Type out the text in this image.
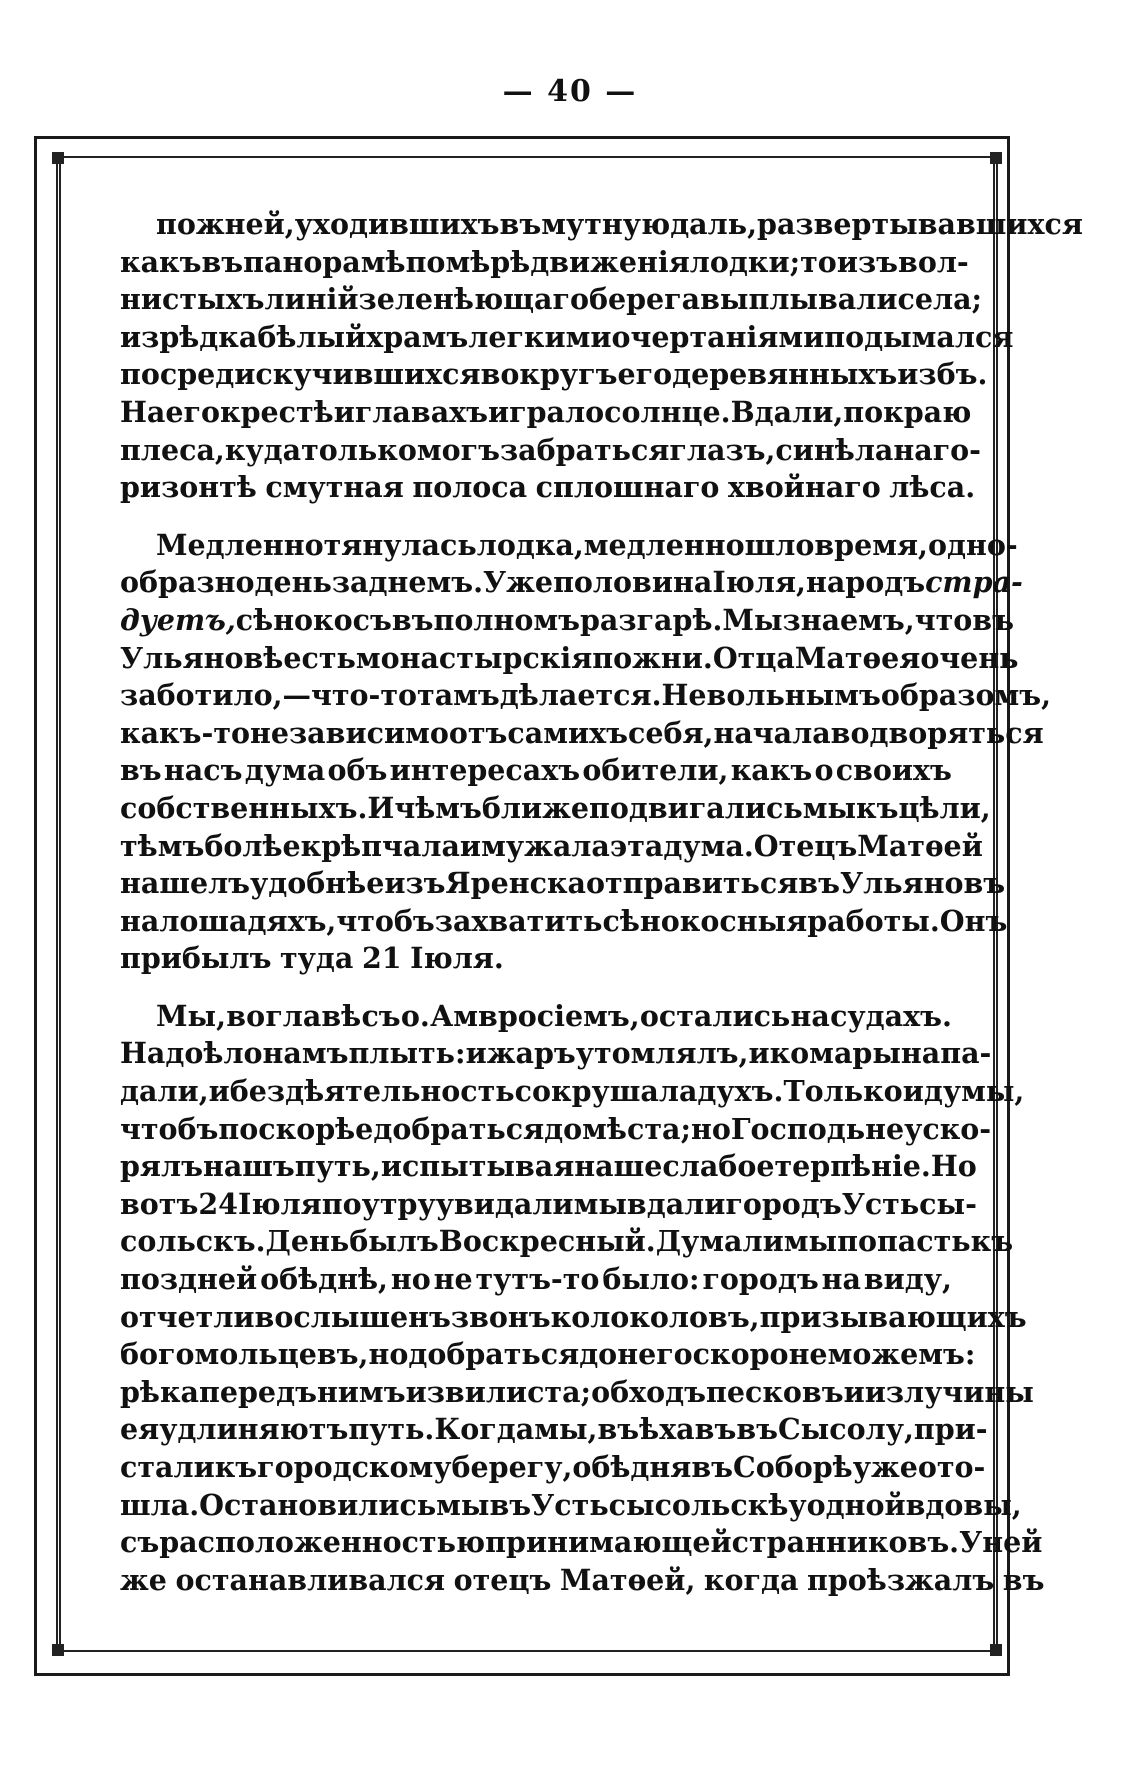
— 40 —
пожней, уходившихъ въ мутную даль, развертывавшихся
какъ въ панорамѣ по мѣрѣ движенія лодки; то изъ вол-
нистыхъ линій зеленѣющаго берега выплывали села;
изрѣдка бѣлый храмъ легкими очертаніями подымался
посреди скучившихся вокругъ его деревянныхъ избъ.
На его крестѣ и главахъ играло солнце. Вдали, по краю
плеса, куда только могъ забраться глазъ, синѣла на го-
ризонтѣ смутная полоса сплошнаго хвойнаго лѣса.
Медленно тянулась лодка, медленно шло время, одно-
образно день за днемъ. Уже половина Іюля, народъ стра-
дуетъ, сѣнокосъ въ полномъ разгарѣ. Мы знаемъ, что въ
Ульяновѣ есть монастырскія пожни. Отца Матѳея очень
заботило,—что-то тамъ дѣлается. Невольнымъ образомъ,
какъ-то независимо отъ самихъ себя, начала водворяться
въ насъ дума объ интересахъ обители, какъ о своихъ
собственныхъ. И чѣмъ ближе подвигались мы къ цѣли,
тѣмъ болѣе крѣпчала и мужала эта дума. Отецъ Матѳей
нашелъ удобнѣе изъ Яренска отправиться въ Ульяновъ
на лошадяхъ, чтобъ захватить сѣнокосныя работы. Онъ
прибылъ туда 21 Іюля.
Мы, во главѣ съ о. Амвросіемъ, остались на судахъ.
Надоѣло намъ плыть: и жаръ утомлялъ, и комары напа-
дали, и бездѣятельность сокрушала духъ. Только и думы,
чтобъ поскорѣе добраться до мѣста; но Господь не уско-
рялъ нашъ путь, испытывая наше слабое терпѣніе. Но
вотъ 24 Іюля по утру увидали мы вдали городъ Устьсы-
сольскъ. День былъ Воскресный. Думали мы попасть къ
поздней обѣднѣ, но не тутъ-то было: городъ на виду,
отчетливо слышенъ звонъ колоколовъ, призывающихъ
богомольцевъ, но добраться до него скоро не можемъ:
рѣка передъ нимъ извилиста; обходъ песковъ и излучины
ея удлиняютъ путь. Когда мы, въѣхавъ въ Сысолу, при-
стали къ городскому берегу, обѣдня въ Соборѣ уже ото-
шла. Остановились мы въ Устьсысольскѣ у одной вдовы,
съ расположенностью принимающей странниковъ. У ней
же останавливался отецъ Матѳей, когда проѣзжалъ въ
